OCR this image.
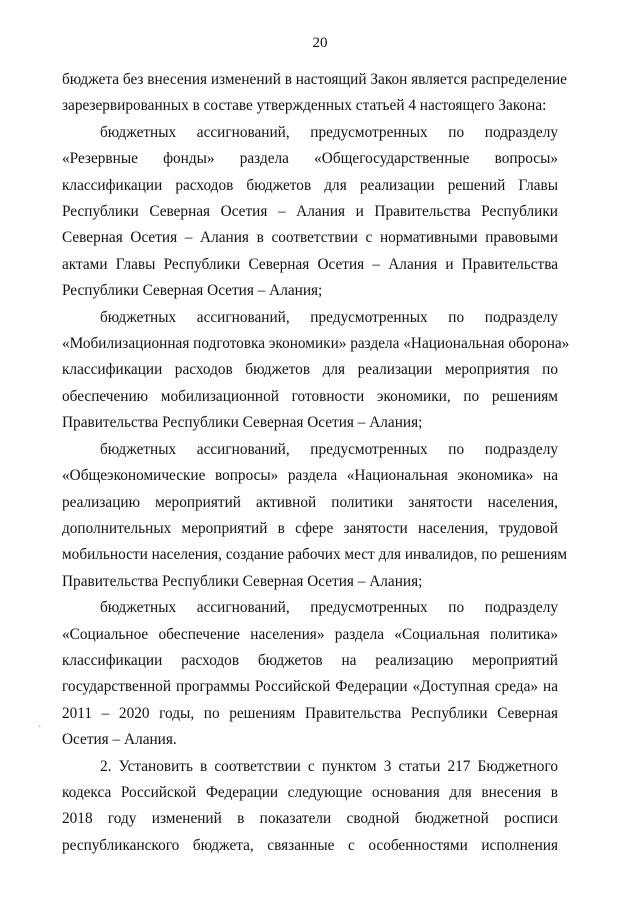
20
бюджета без внесения изменений в настоящий Закон является распределение
зарезервированных в составе утвержденных статьей 4 настоящего Закона:
бюджетных ассигнований, предусмотренных по подразделу
«Резервные фонды» раздела «Общегосударственные вопросы»
классификации расходов бюджетов для реализации решений Главы
Республики Северная Осетия – Алания и Правительства Республики
Северная Осетия – Алания в соответствии с нормативными правовыми
актами Главы Республики Северная Осетия – Алания и Правительства
Республики Северная Осетия – Алания;
бюджетных ассигнований, предусмотренных по подразделу
«Мобилизационная подготовка экономики» раздела «Национальная оборона»
классификации расходов бюджетов для реализации мероприятия по
обеспечению мобилизационной готовности экономики, по решениям
Правительства Республики Северная Осетия – Алания;
бюджетных ассигнований, предусмотренных по подразделу
«Общеэкономические вопросы» раздела «Национальная экономика» на
реализацию мероприятий активной политики занятости населения,
дополнительных мероприятий в сфере занятости населения, трудовой
мобильности населения, создание рабочих мест для инвалидов, по решениям
Правительства Республики Северная Осетия – Алания;
бюджетных ассигнований, предусмотренных по подразделу
«Социальное обеспечение населения» раздела «Социальная политика»
классификации расходов бюджетов на реализацию мероприятий
государственной программы Российской Федерации «Доступная среда» на
2011 – 2020 годы, по решениям Правительства Республики Северная
Осетия – Алания.
2. Установить в соответствии с пунктом 3 статьи 217 Бюджетного
кодекса Российской Федерации следующие основания для внесения в
2018 году изменений в показатели сводной бюджетной росписи
республиканского бюджета, связанные с особенностями исполнения
·
